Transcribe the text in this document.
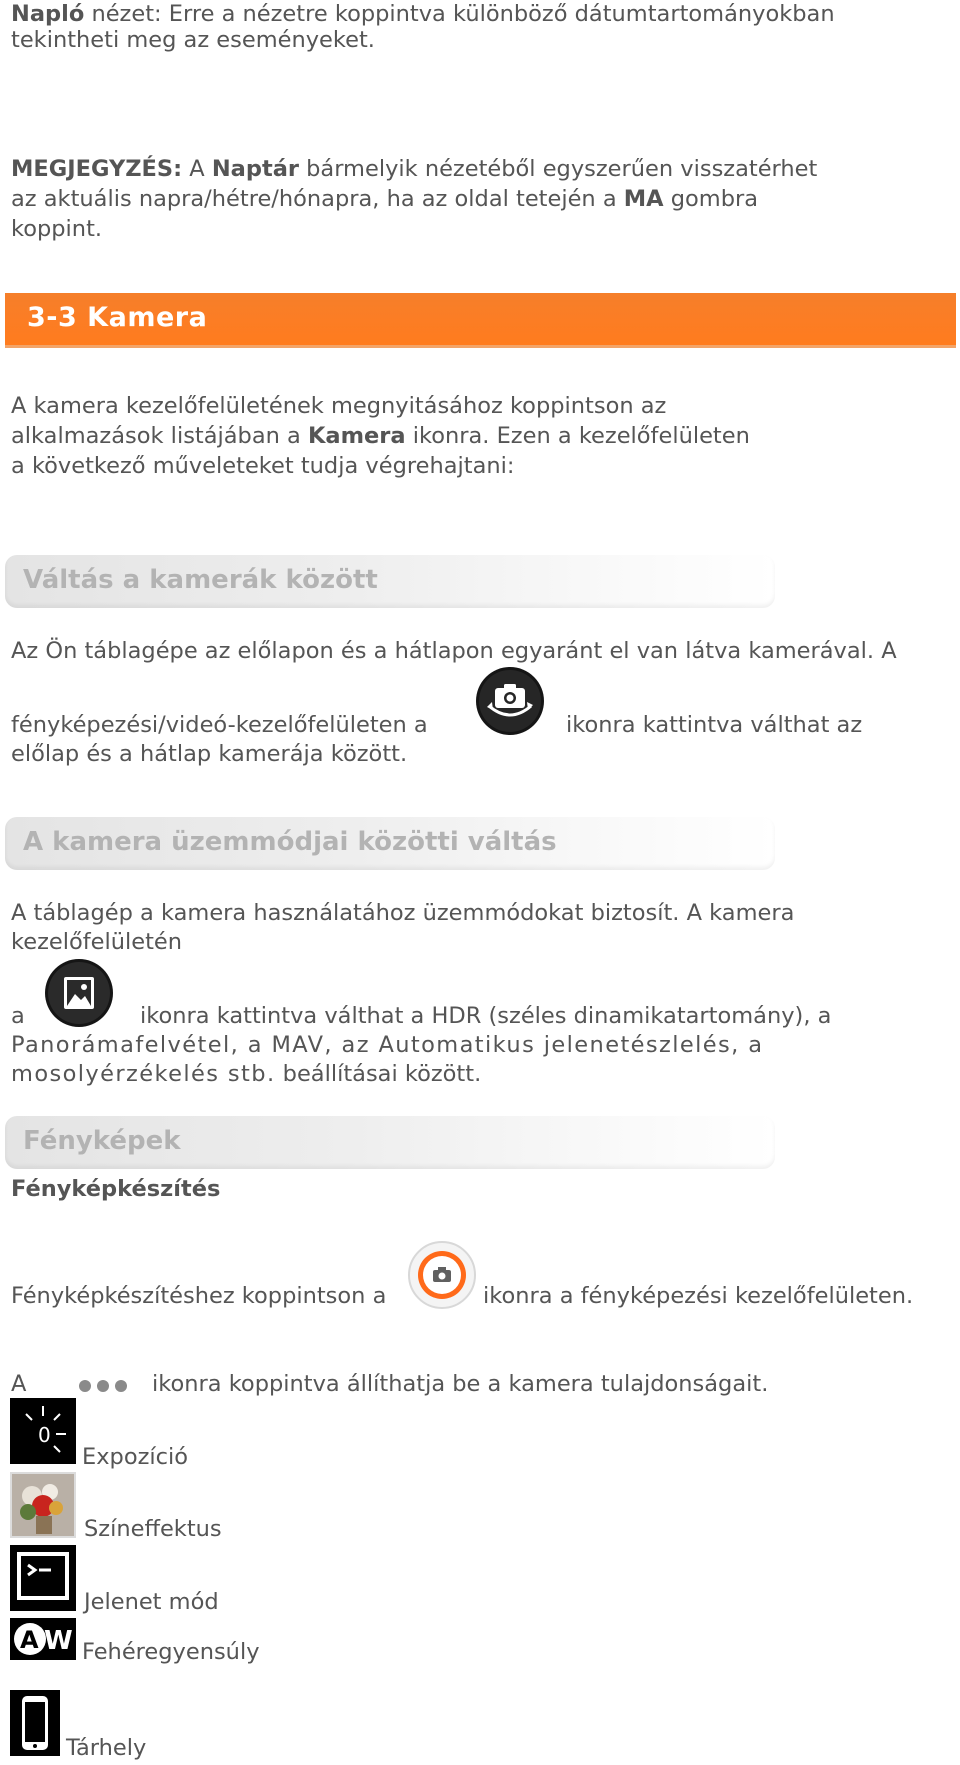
Napló nézet: Erre a nézetre koppintva különböző dátumtartományokban

tekintheti meg az eseményeket.

MEGJEGYZÉS: A Naptár bármelyik nézetéből egyszerűen visszatérhet

az aktuális napra/hétre/hónapra, ha az oldal tetején a MA gombra

koppint.

3-3 Kamera

A kamera kezelőfelületének megnyitásához koppintson az

alkalmazások listájában a Kamera ikonra. Ezen a kezelőfelületen

a következő műveleteket tudja végrehajtani:

Váltás a kamerák között

Az Ön táblagépe az előlapon és a hátlapon egyaránt el van látva kamerával. A

fényképezési/videó-kezelőfelületen a	ikonra kattintva válthat az

előlap és a hátlap kamerája között.

A kamera üzemmódjai közötti váltás

A táblagép a kamera használatához üzemmódokat biztosít. A kamera

kezelőfelületén

a	ikonra kattintva válthat a HDR (széles dinamikatartomány), a

Panorámafelvétel, a MAV, az Automatikus jelenetészlelés, a

mosolyérzékelés stb. beállításai között.

Fényképek

Fényképkészítés

Fényképkészítéshez koppintson a	ikonra a fényképezési kezelőfelületen.

A	ikonra koppintva állíthatja be a kamera tulajdonságait.

0
Expozíció
Színeffektus
Jelenet mód
A W Fehéregyensúly
Tárhely
